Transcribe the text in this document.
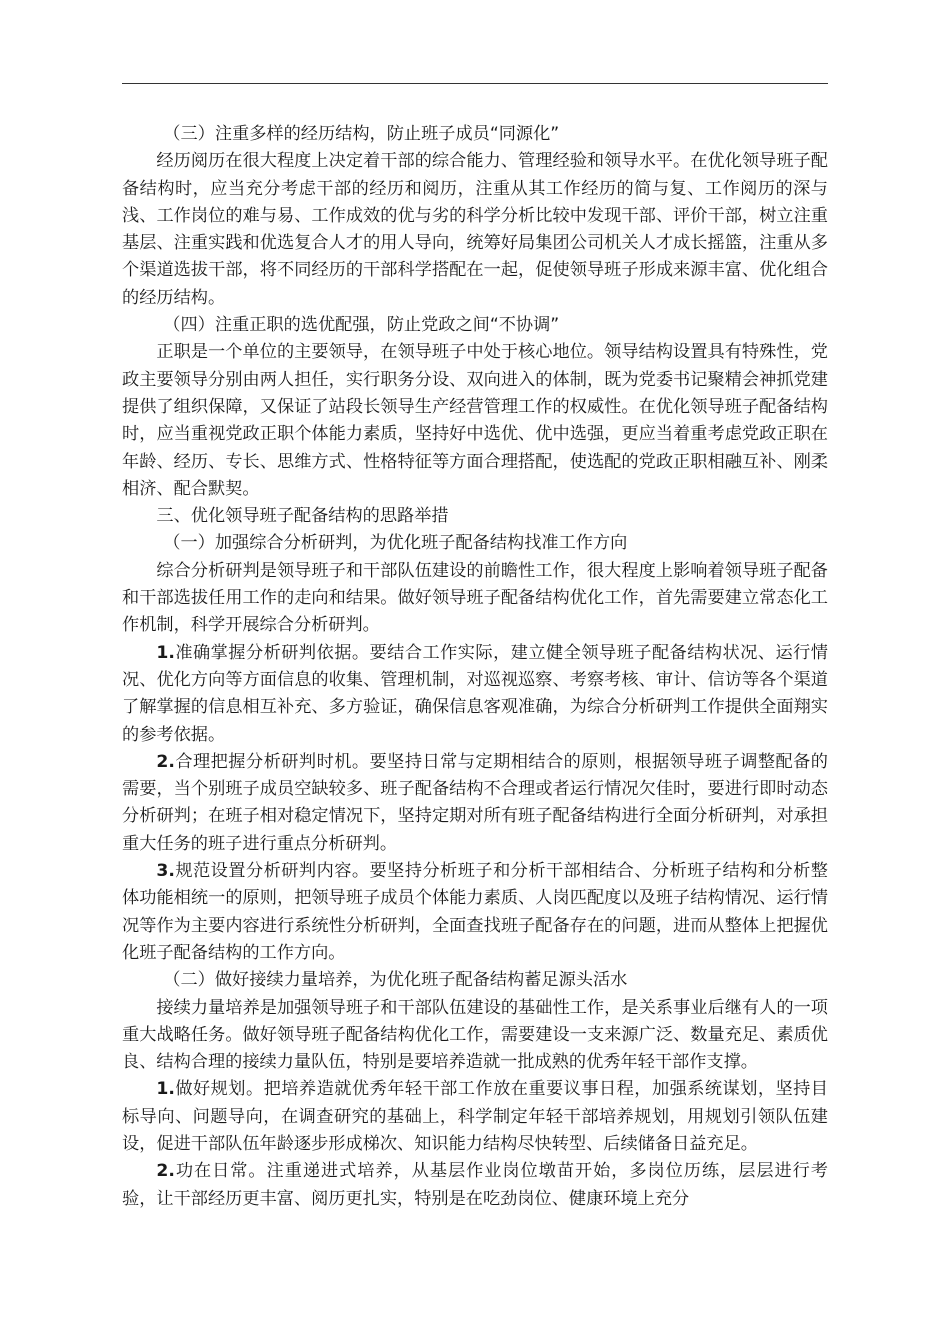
（三）注重多样的经历结构，防止班子成员“同源化”

经历阅历在很大程度上决定着干部的综合能力、管理经验和领导水平。在优化领导班子配备结构时，应当充分考虑干部的经历和阅历，注重从其工作经历的简与复、工作阅历的深与浅、工作岗位的难与易、工作成效的优与劣的科学分析比较中发现干部、评价干部，树立注重基层、注重实践和优选复合人才的用人导向，统筹好局集团公司机关人才成长摇篮，注重从多个渠道选拔干部，将不同经历的干部科学搭配在一起，促使领导班子形成来源丰富、优化组合的经历结构。

（四）注重正职的选优配强，防止党政之间“不协调”

正职是一个单位的主要领导，在领导班子中处于核心地位。领导结构设置具有特殊性，党政主要领导分别由两人担任，实行职务分设、双向进入的体制，既为党委书记聚精会神抓党建提供了组织保障，又保证了站段长领导生产经营管理工作的权威性。在优化领导班子配备结构时，应当重视党政正职个体能力素质，坚持好中选优、优中选强，更应当着重考虑党政正职在年龄、经历、专长、思维方式、性格特征等方面合理搭配，使选配的党政正职相融互补、刚柔相济、配合默契。

三、优化领导班子配备结构的思路举措

（一）加强综合分析研判，为优化班子配备结构找准工作方向

综合分析研判是领导班子和干部队伍建设的前瞻性工作，很大程度上影响着领导班子配备和干部选拔任用工作的走向和结果。做好领导班子配备结构优化工作，首先需要建立常态化工作机制，科学开展综合分析研判。

1.准确掌握分析研判依据。要结合工作实际，建立健全领导班子配备结构状况、运行情况、优化方向等方面信息的收集、管理机制，对巡视巡察、考察考核、审计、信访等各个渠道了解掌握的信息相互补充、多方验证，确保信息客观准确，为综合分析研判工作提供全面翔实的参考依据。

2.合理把握分析研判时机。要坚持日常与定期相结合的原则，根据领导班子调整配备的需要，当个别班子成员空缺较多、班子配备结构不合理或者运行情况欠佳时，要进行即时动态分析研判；在班子相对稳定情况下，坚持定期对所有班子配备结构进行全面分析研判，对承担重大任务的班子进行重点分析研判。

3.规范设置分析研判内容。要坚持分析班子和分析干部相结合、分析班子结构和分析整体功能相统一的原则，把领导班子成员个体能力素质、人岗匹配度以及班子结构情况、运行情况等作为主要内容进行系统性分析研判，全面查找班子配备存在的问题，进而从整体上把握优化班子配备结构的工作方向。

（二）做好接续力量培养，为优化班子配备结构蓄足源头活水

接续力量培养是加强领导班子和干部队伍建设的基础性工作，是关系事业后继有人的一项重大战略任务。做好领导班子配备结构优化工作，需要建设一支来源广泛、数量充足、素质优良、结构合理的接续力量队伍，特别是要培养造就一批成熟的优秀年轻干部作支撑。

1.做好规划。把培养造就优秀年轻干部工作放在重要议事日程，加强系统谋划，坚持目标导向、问题导向，在调查研究的基础上，科学制定年轻干部培养规划，用规划引领队伍建设，促进干部队伍年龄逐步形成梯次、知识能力结构尽快转型、后续储备日益充足。

2.功在日常。注重递进式培养，从基层作业岗位墩苗开始，多岗位历练，层层进行考验，让干部经历更丰富、阅历更扎实，特别是在吃劲岗位、健康环境上充分
